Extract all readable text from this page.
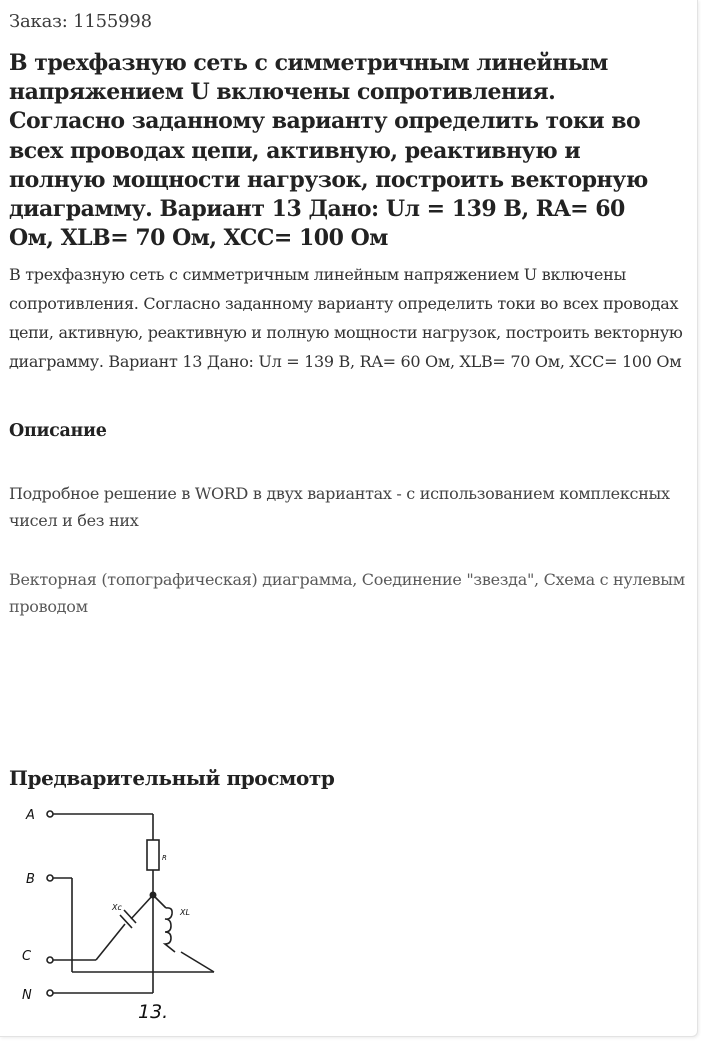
Заказ: 1155998
В трехфазную сеть с симметричным линейным напряжением U включены сопротивления. Согласно заданному варианту определить токи во всех проводах цепи, активную, реактивную и полную мощности нагрузок, построить векторную диаграмму. Вариант 13 Дано: Uл = 139 В, RA= 60 Ом, XLB= 70 Ом, XCC= 100 Ом

В трехфазную сеть с симметричным линейным напряжением U включены сопротивления. Согласно заданному варианту определить токи во всех проводах цепи, активную, реактивную и полную мощности нагрузок, построить векторную диаграмму. Вариант 13 Дано: Uл = 139 В, RA= 60 Ом, XLB= 70 Ом, XCC= 100 Ом

Описание

Подробное решение в WORD в двух вариантах - с использованием комплексных чисел и без них

Векторная (топографическая) диаграмма, Соединение "звезда", Схема с нулевым проводом

Предварительный просмотр
A
B
C
N
R
Xc
XL
13.
